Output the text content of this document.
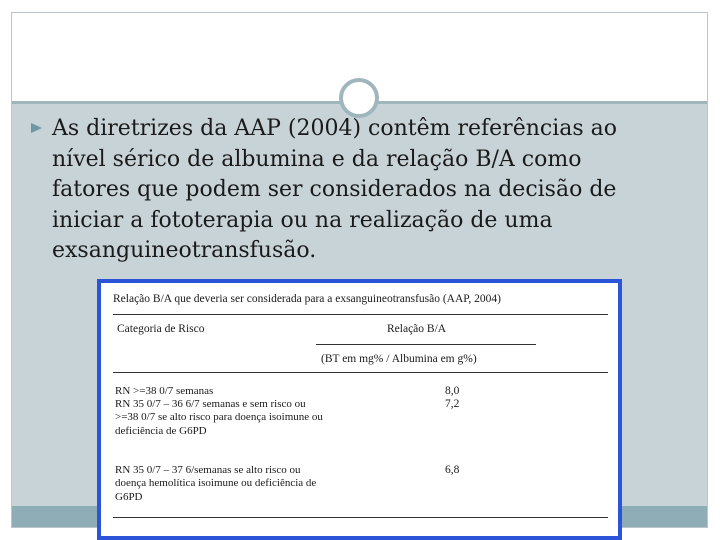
As diretrizes da AAP (2004) contêm referências ao
nível sérico de albumina e da relação B/A como
fatores que podem ser considerados na decisão de
iniciar a fototerapia ou na realização de uma
exsanguineotransfusão.
Relação B/A que deveria ser considerada para a exsanguineotransfusão (AAP, 2004)
Categoria de Risco	Relação B/A
(BT em mg% / Albumina em g%)
RN >=38 0/7 semanas	8,0
RN 35 0/7 – 36 6/7 semanas e sem risco ou >=38 0/7 se alto risco para doença isoimune ou deficiência de G6PD
7,2
RN 35 0/7 – 37 6/semanas se alto risco ou doença hemolítica isoimune ou deficiência de G6PD
6,8
